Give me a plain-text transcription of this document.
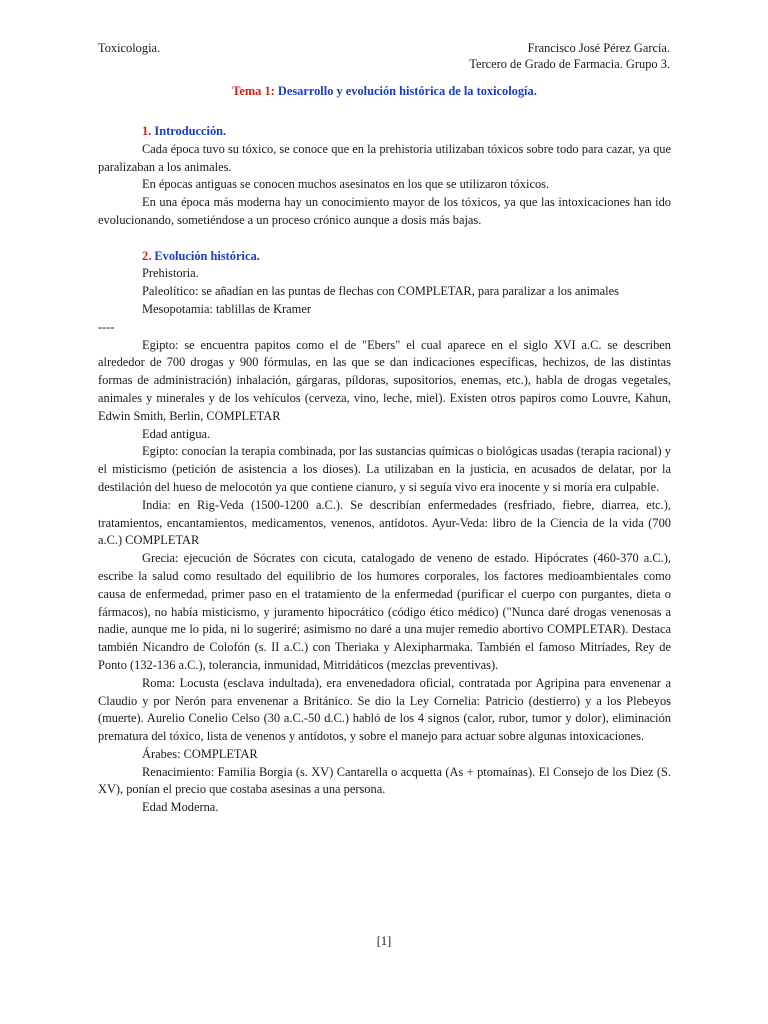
Toxicologia.	Francisco José Pérez García.
Tercero de Grado de Farmacia. Grupo 3.
Tema 1: Desarrollo y evolución histórica de la toxicología.
1. Introducción.

Cada época tuvo su tóxico, se conoce que en la prehistoria utilizaban tóxicos sobre todo para cazar, ya que paralizaban a los animales.

En épocas antiguas se conocen muchos asesinatos en los que se utilizaron tóxicos.

En una época más moderna hay un conocimiento mayor de los tóxicos, ya que las intoxicaciones han ido evolucionando, sometiéndose a un proceso crónico aunque a dosis más bajas.

2. Evolución histórica.

Prehistoria.

Paleolítico: se añadían en las puntas de flechas con COMPLETAR, para paralizar a los animales

Mesopotamia: tablillas de Kramer

----

Egipto: se encuentra papitos como el de "Ebers" el cual aparece en el siglo XVI a.C. se describen alrededor de 700 drogas y 900 fórmulas, en las que se dan indicaciones específicas, hechizos, de las distintas formas de administración) inhalación, gárgaras, píldoras, supositorios, enemas, etc.), habla de drogas vegetales, animales y minerales y de los vehículos (cerveza, vino, leche, miel). Existen otros papiros como Louvre, Kahun, Edwin Smith, Berlin, COMPLETAR

Edad antigua.

Egipto: conocían la terapia combinada, por las sustancias químicas o biológicas usadas (terapia racional) y el misticismo (petición de asistencia a los dioses). La utilizaban en la justicia, en acusados de delatar, por la destilación del hueso de melocotón ya que contiene cianuro, y si seguía vivo era inocente y si moría era culpable.

India: en Rig-Veda (1500-1200 a.C.). Se describían enfermedades (resfriado, fiebre, diarrea, etc.), tratamientos, encantamientos, medicamentos, venenos, antídotos. Ayur-Veda: libro de la Ciencia de la vida (700 a.C.) COMPLETAR

Grecia: ejecución de Sócrates con cicuta, catalogado de veneno de estado. Hipócrates (460-370 a.C.), escribe la salud como resultado del equilibrio de los humores corporales, los factores medioambientales como causa de enfermedad, primer paso en el tratamiento de la enfermedad (purificar el cuerpo con purgantes, dieta o fármacos), no había misticismo, y juramento hipocrático (código ético médico) ("Nunca daré drogas venenosas a nadie, aunque me lo pida, ni lo sugeriré; asimismo no daré a una mujer remedio abortivo COMPLETAR). Destaca también Nicandro de Colofón (s. II a.C.) con Theriaka y Alexipharmaka. También el famoso Mitríades, Rey de Ponto (132-136 a.C.), tolerancia, inmunidad, Mitridáticos (mezclas preventivas).

Roma: Locusta (esclava indultada), era envenedadora oficial, contratada por Agripina para envenenar a Claudio y por Nerón para envenenar a Británico. Se dio la Ley Cornelia: Patricio (destierro) y a los Plebeyos (muerte). Aurelio Conelio Celso (30 a.C.-50 d.C.) habló de los 4 signos (calor, rubor, tumor y dolor), eliminación prematura del tóxico, lista de venenos y antídotos, y sobre el manejo para actuar sobre algunas intoxicaciones.

Árabes: COMPLETAR

Renacimiento: Familia Borgia (s. XV) Cantarella o acquetta (As + ptomaínas). El Consejo de los Diez (S. XV), ponían el precio que costaba asesinas a una persona.

Edad Moderna.

[1]
